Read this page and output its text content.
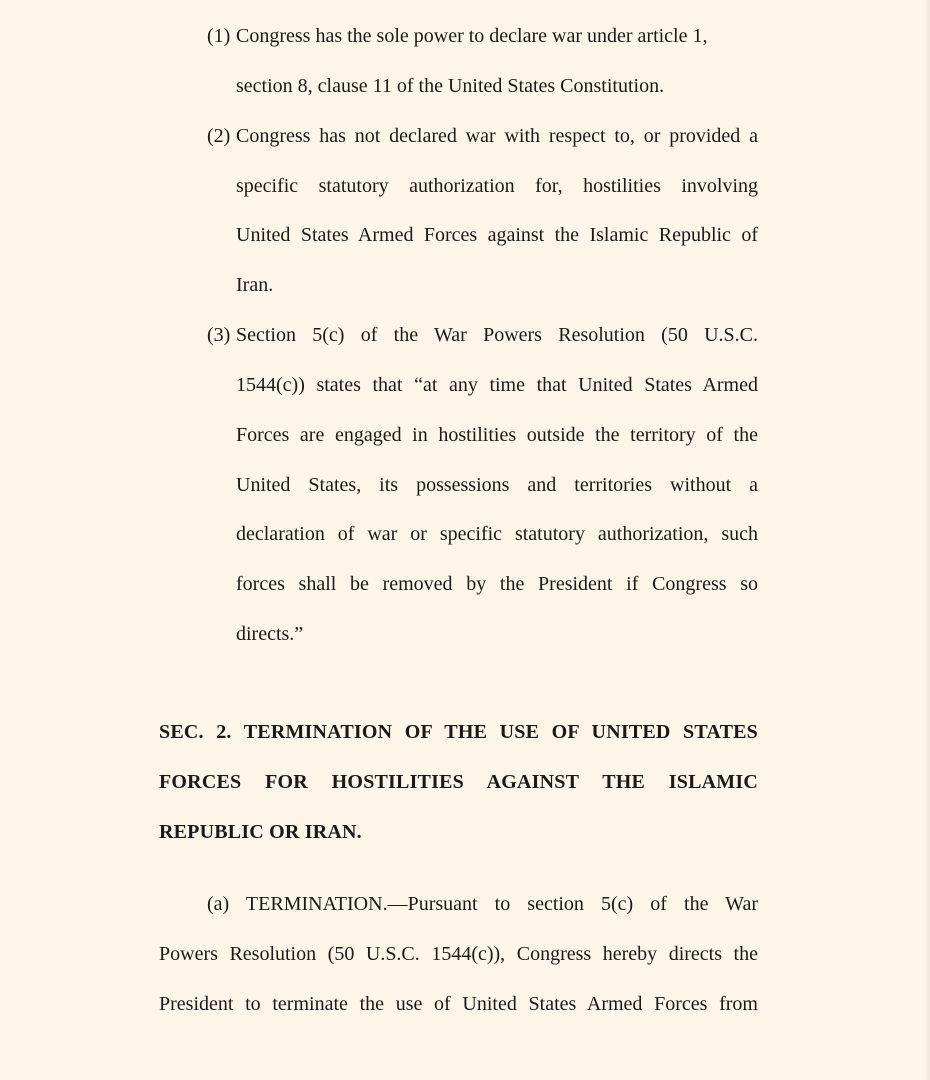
(1) Congress has the sole power to declare war under article 1,
section 8, clause 11 of the United States Constitution.
(2) Congress has not declared war with respect to, or provided a
specific statutory authorization for, hostilities involving
United States Armed Forces against the Islamic Republic of
Iran.
(3) Section 5(c) of the War Powers Resolution (50 U.S.C.
1544(c)) states that “at any time that United States Armed
Forces are engaged in hostilities outside the territory of the
United States, its possessions and territories without a
declaration of war or specific statutory authorization, such
forces shall be removed by the President if Congress so
directs.”
SEC. 2. TERMINATION OF THE USE OF UNITED STATES
FORCES FOR HOSTILITIES AGAINST THE ISLAMIC
REPUBLIC OR IRAN.
(a) TERMINATION.—Pursuant to section 5(c) of the War
Powers Resolution (50 U.S.C. 1544(c)), Congress hereby directs the
President to terminate the use of United States Armed Forces from
